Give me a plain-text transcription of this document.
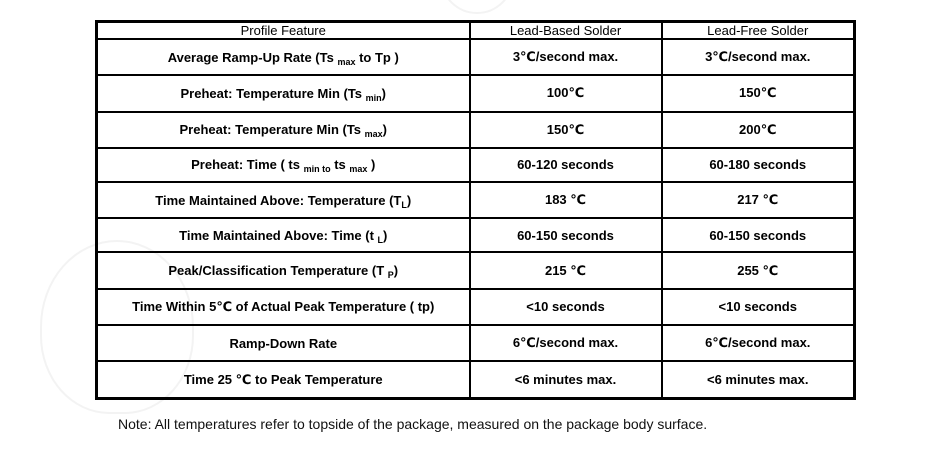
Profile Feature	Lead-Based Solder	Lead-Free Solder
Average Ramp-Up Rate (Ts $_{max}$ to Tp )	3℃/second max.	3℃/second max.
Preheat: Temperature Min (Ts $_{min}$)	100℃	150℃
Preheat: Temperature Min (Ts $_{max}$)	150℃	200℃
Preheat: Time ( ts $_{min to}$ ts $_{max}$ )	60-120 seconds	60-180 seconds
Time Maintained Above: Temperature $(T_L)$	183 ℃	217 ℃
Time Maintained Above: Time (t $_L$)	60-150 seconds	60-150 seconds
Peak/Classification Temperature (T $_P$)	215 ℃	255 ℃
Time Within 5℃ of Actual Peak Temperature ( tp)	<10 seconds	<10 seconds
Ramp-Down Rate	6℃/second max.	6℃/second max.
Time 25 ℃ to Peak Temperature	<6 minutes max.	<6 minutes max.
Note: All temperatures refer to topside of the package, measured on the package body surface.
